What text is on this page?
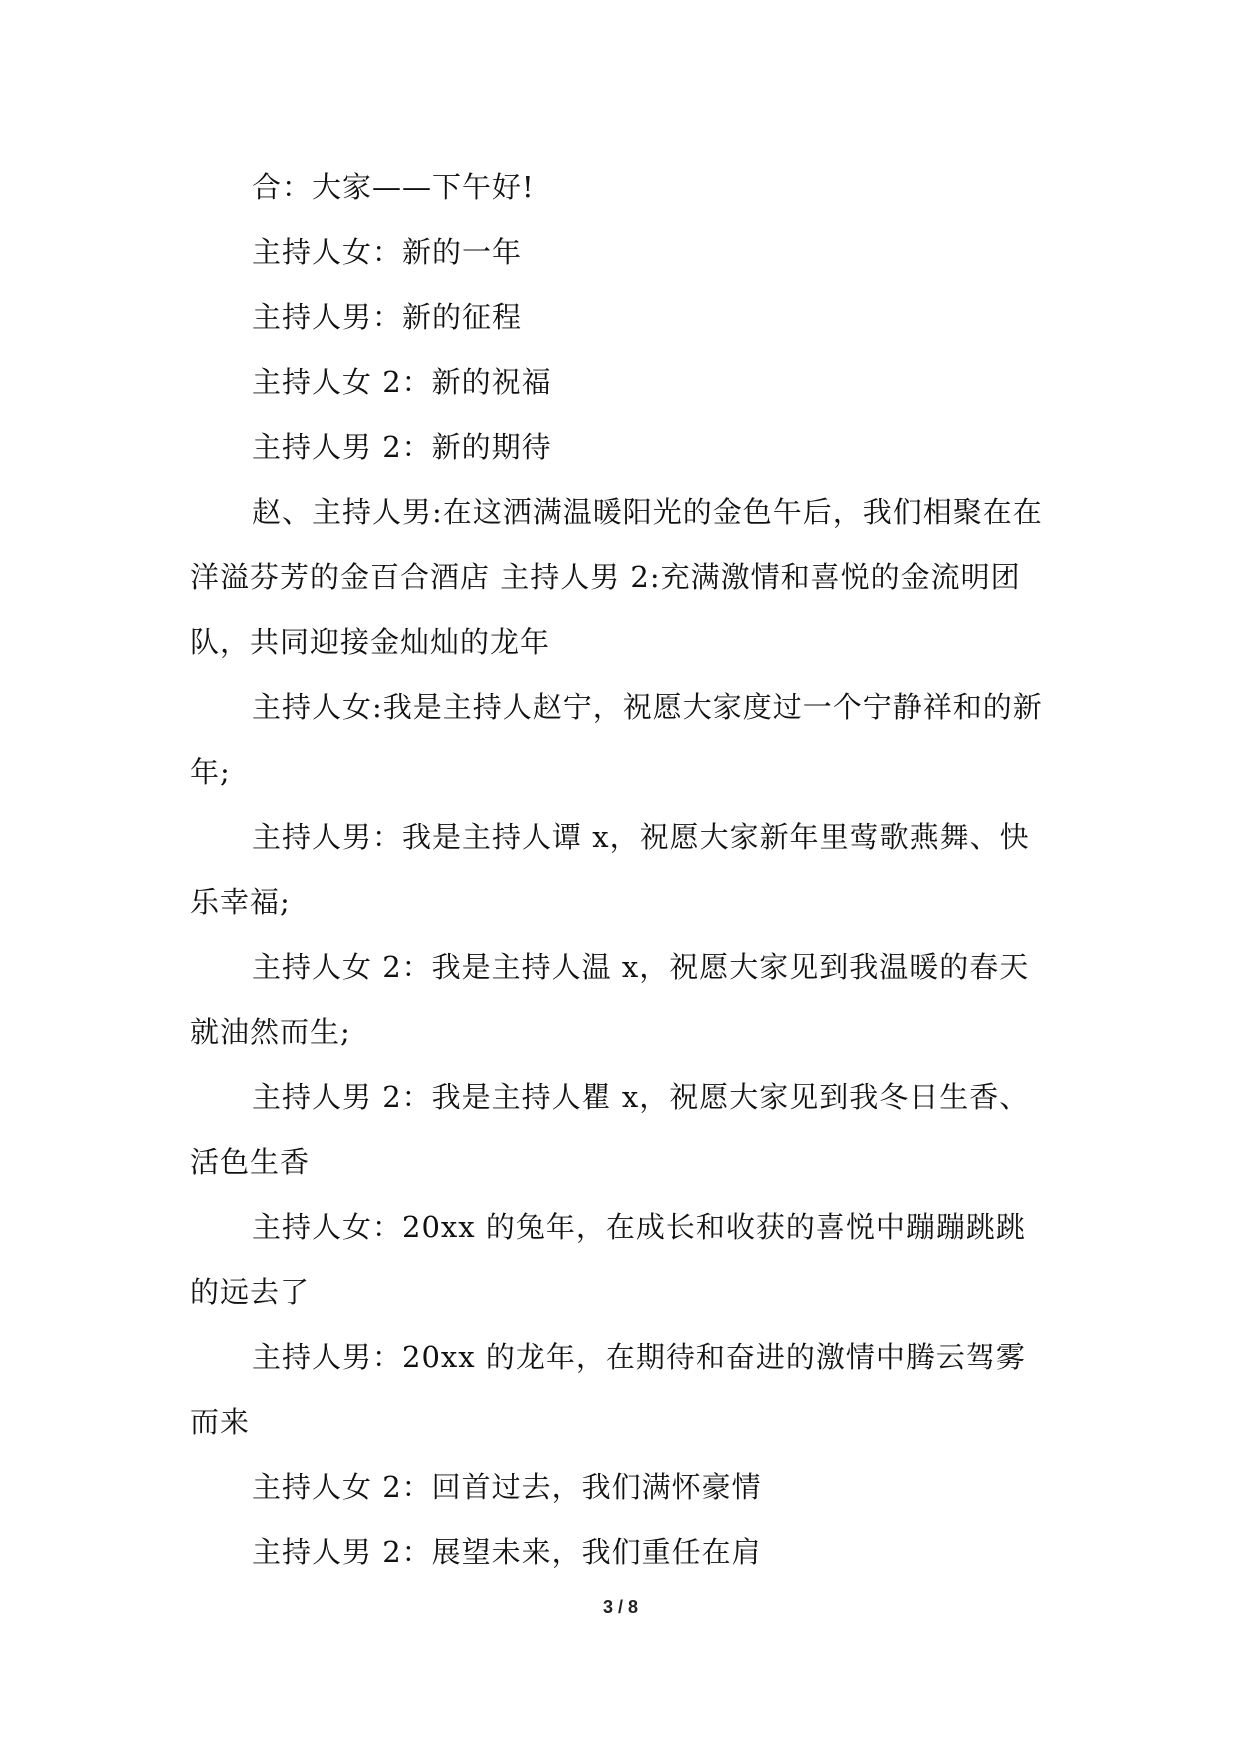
合：大家——下午好!

主持人女：新的一年

主持人男：新的征程

主持人女 2：新的祝福

主持人男 2：新的期待

赵、主持人男:在这洒满温暖阳光的金色午后，我们相聚在在洋溢芬芳的金百合酒店 主持人男 2:充满激情和喜悦的金流明团队，共同迎接金灿灿的龙年

主持人女:我是主持人赵宁，祝愿大家度过一个宁静祥和的新年;

主持人男：我是主持人谭 x，祝愿大家新年里莺歌燕舞、快乐幸福;

主持人女 2：我是主持人温 x，祝愿大家见到我温暖的春天就油然而生;

主持人男 2：我是主持人瞿 x，祝愿大家见到我冬日生香、活色生香

主持人女：20xx 的兔年，在成长和收获的喜悦中蹦蹦跳跳的远去了

主持人男：20xx 的龙年，在期待和奋进的激情中腾云驾雾而来

主持人女 2：回首过去，我们满怀豪情

主持人男 2：展望未来，我们重任在肩

3 / 8
